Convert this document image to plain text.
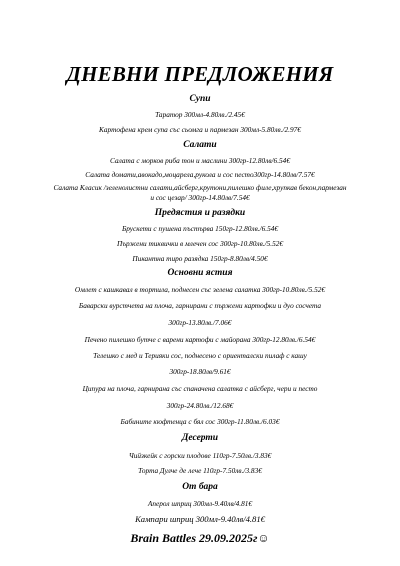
ДНЕВНИ ПРЕДЛОЖЕНИЯ
Супи
Таратор 300мл-4.80лв./2.45€
Картофена крем супа със сьомга и пармезан 300мл-5.80лв./2.97€
Салати
Салата с морков риба тон и маслини 300гр-12.80лв/6.54€
Салата домати,авокадо,моцарела,рукола и сос песто300гр-14.80лв/7.57€
Салата Класик /зеленолистни салати,айсберг,крутони,пилешко филе,хрупкав бекон,пармезан и сос цезар/ 300гр-14.80лв/7.54€
Предястия и разядки
Брускети с пушена пъстърва 150гр-12.80лв./6.54€
Пържени тиквички в млечен сос 300гр-10.80лв./5.52€
Пикантна тиро разядка 150гр-8.80лв/4.50€
Основни ястия
Омлет с кашкавал в тортила, поднесен със зелена салатка 300гр-10.80лв./5.52€
Баварски вурстчета на плоча, гарнирани с пържени картофки и дуо сосчета
300гр-13.80лв./7.06€
Печено пилешко бутче с варени картофи с майорана 300гр-12.80лв./6.54€
Телешко с мед и Терияки сос, поднесено с ориенталски пилаф с кашу
300гр-18.80лв/9.61€
Ципура на плоча, гарнирана със спаначена салатка с айсберг, чери и песто
300гр-24.80лв./12.68€
Бабините кюфтенца с бял сос 300гр-11.80лв./6.03€
Десерти
Чийзкейк с горски плодове 110гр-7.50лв./3.83€
Торта Дулче де лече 110гр-7.50лв./3.83€
От бара
Аперол шприц 300мл-9.40лв/4.81€
Кампари шприц 300мл-9.40лв/4.81€
Brain Battles 29.09.2025г☺
